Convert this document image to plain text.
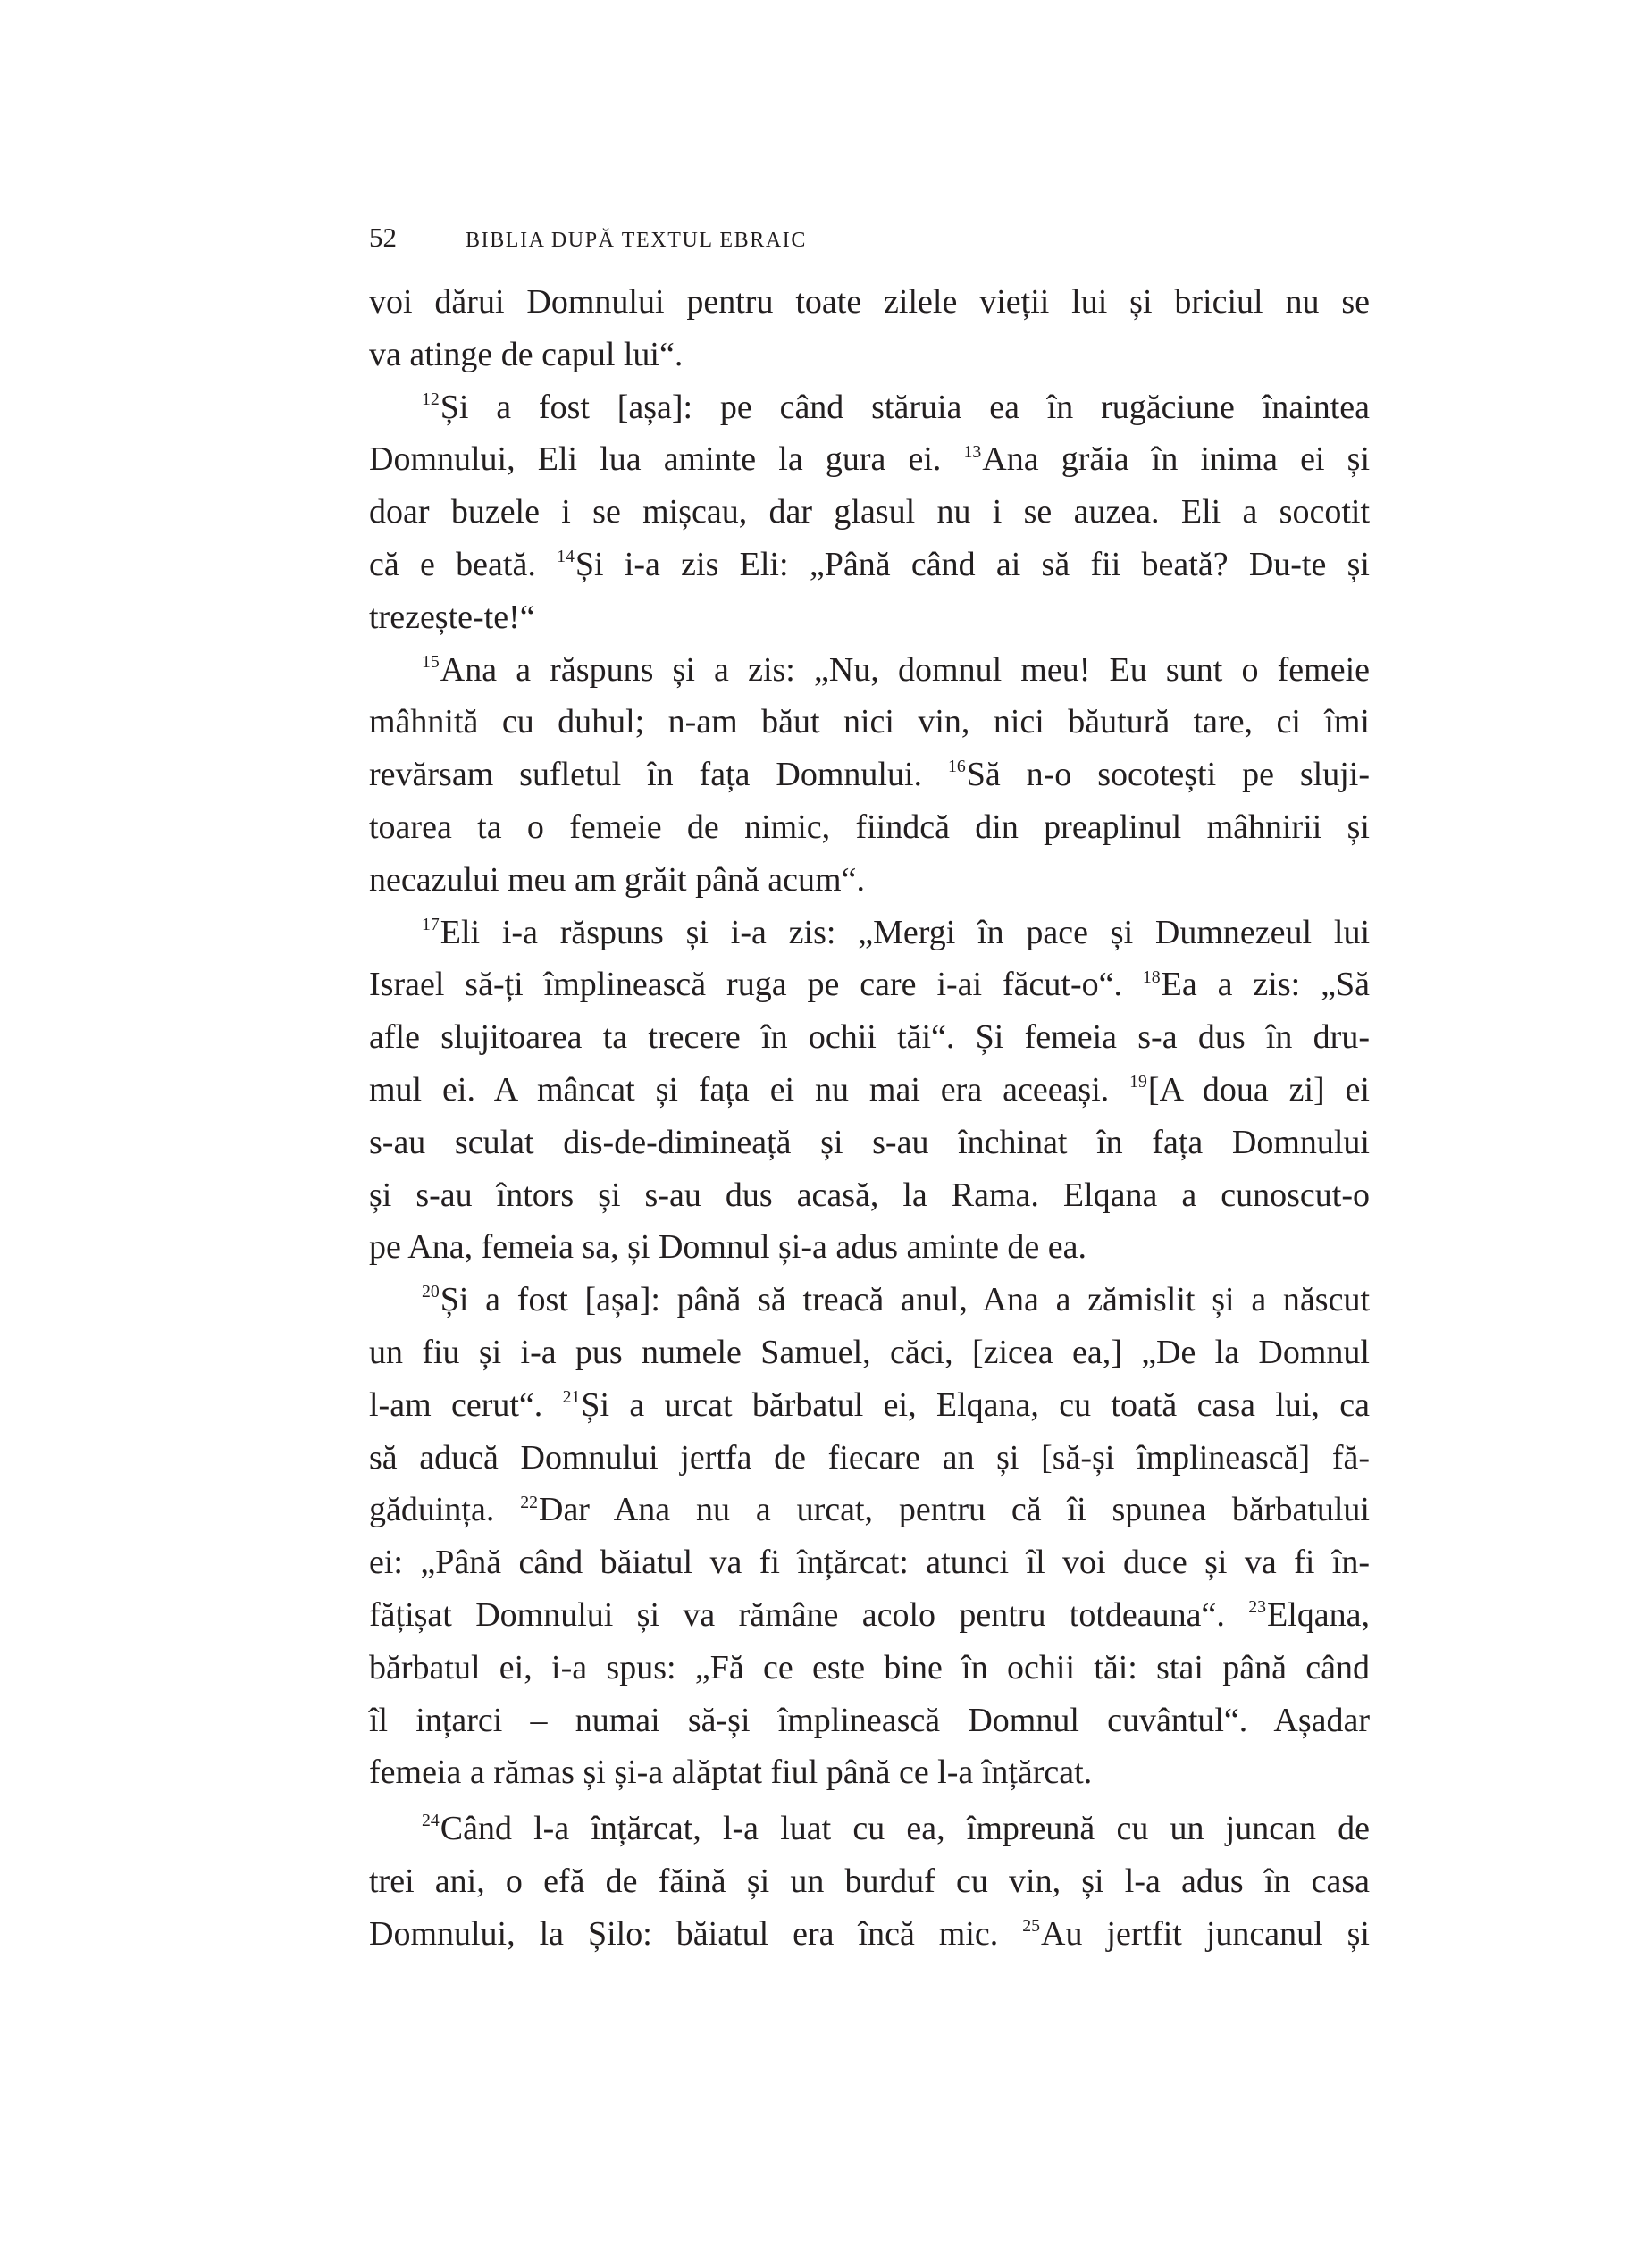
52	BIBLIA DUPĂ TEXTUL EBRAIC
voi dărui Domnului pentru toate zilele vieții lui și briciul nu se
va atinge de capul lui“.
$^{12}$Și a fost [așa]: pe când stăruia ea în rugăciune înaintea
Domnului, Eli lua aminte la gura ei. $^{13}$Ana grăia în inima ei și
doar buzele i se mișcau, dar glasul nu i se auzea. Eli a socotit
că e beată. $^{14}$Și i-a zis Eli: „Până când ai să fii beată? Du-te și
trezește-te!“
$^{15}$Ana a răspuns și a zis: „Nu, domnul meu! Eu sunt o femeie
mâhnită cu duhul; n-am băut nici vin, nici băutură tare, ci îmi
revărsam sufletul în fața Domnului. $^{16}$Să n-o socotești pe sluji-
toarea ta o femeie de nimic, fiindcă din preaplinul mâhnirii și
necazului meu am grăit până acum“.
$^{17}$Eli i-a răspuns și i-a zis: „Mergi în pace și Dumnezeul lui
Israel să-ți împlinească ruga pe care i-ai făcut-o“. $^{18}$Ea a zis: „Să
afle slujitoarea ta trecere în ochii tăi“. Și femeia s-a dus în dru-
mul ei. A mâncat și fața ei nu mai era aceeași. $^{19}$[A doua zi] ei
s-au sculat dis-de-dimineață și s-au închinat în fața Domnului
și s-au întors și s-au dus acasă, la Rama. Elqana a cunoscut-o
pe Ana, femeia sa, și Domnul și-a adus aminte de ea.
$^{20}$Și a fost [așa]: până să treacă anul, Ana a zămislit și a născut
un fiu și i-a pus numele Samuel, căci, [zicea ea,] „De la Domnul
l-am cerut“. $^{21}$Și a urcat bărbatul ei, Elqana, cu toată casa lui, ca
să aducă Domnului jertfa de fiecare an și [să-și împlinească] fă-
găduința. $^{22}$Dar Ana nu a urcat, pentru că îi spunea bărbatului
ei: „Până când băiatul va fi înțărcat: atunci îl voi duce și va fi în-
fățișat Domnului și va rămâne acolo pentru totdeauna“. $^{23}$Elqana,
bărbatul ei, i-a spus: „Fă ce este bine în ochii tăi: stai până când
îl ințarci – numai să-și împlinească Domnul cuvântul“. Așadar
femeia a rămas și și-a alăptat fiul până ce l-a înțărcat.
$^{24}$Când l-a înțărcat, l-a luat cu ea, împreună cu un juncan de
trei ani, o efă de făină și un burduf cu vin, și l-a adus în casa
Domnului, la Șilo: băiatul era încă mic. $^{25}$Au jertfit juncanul și
